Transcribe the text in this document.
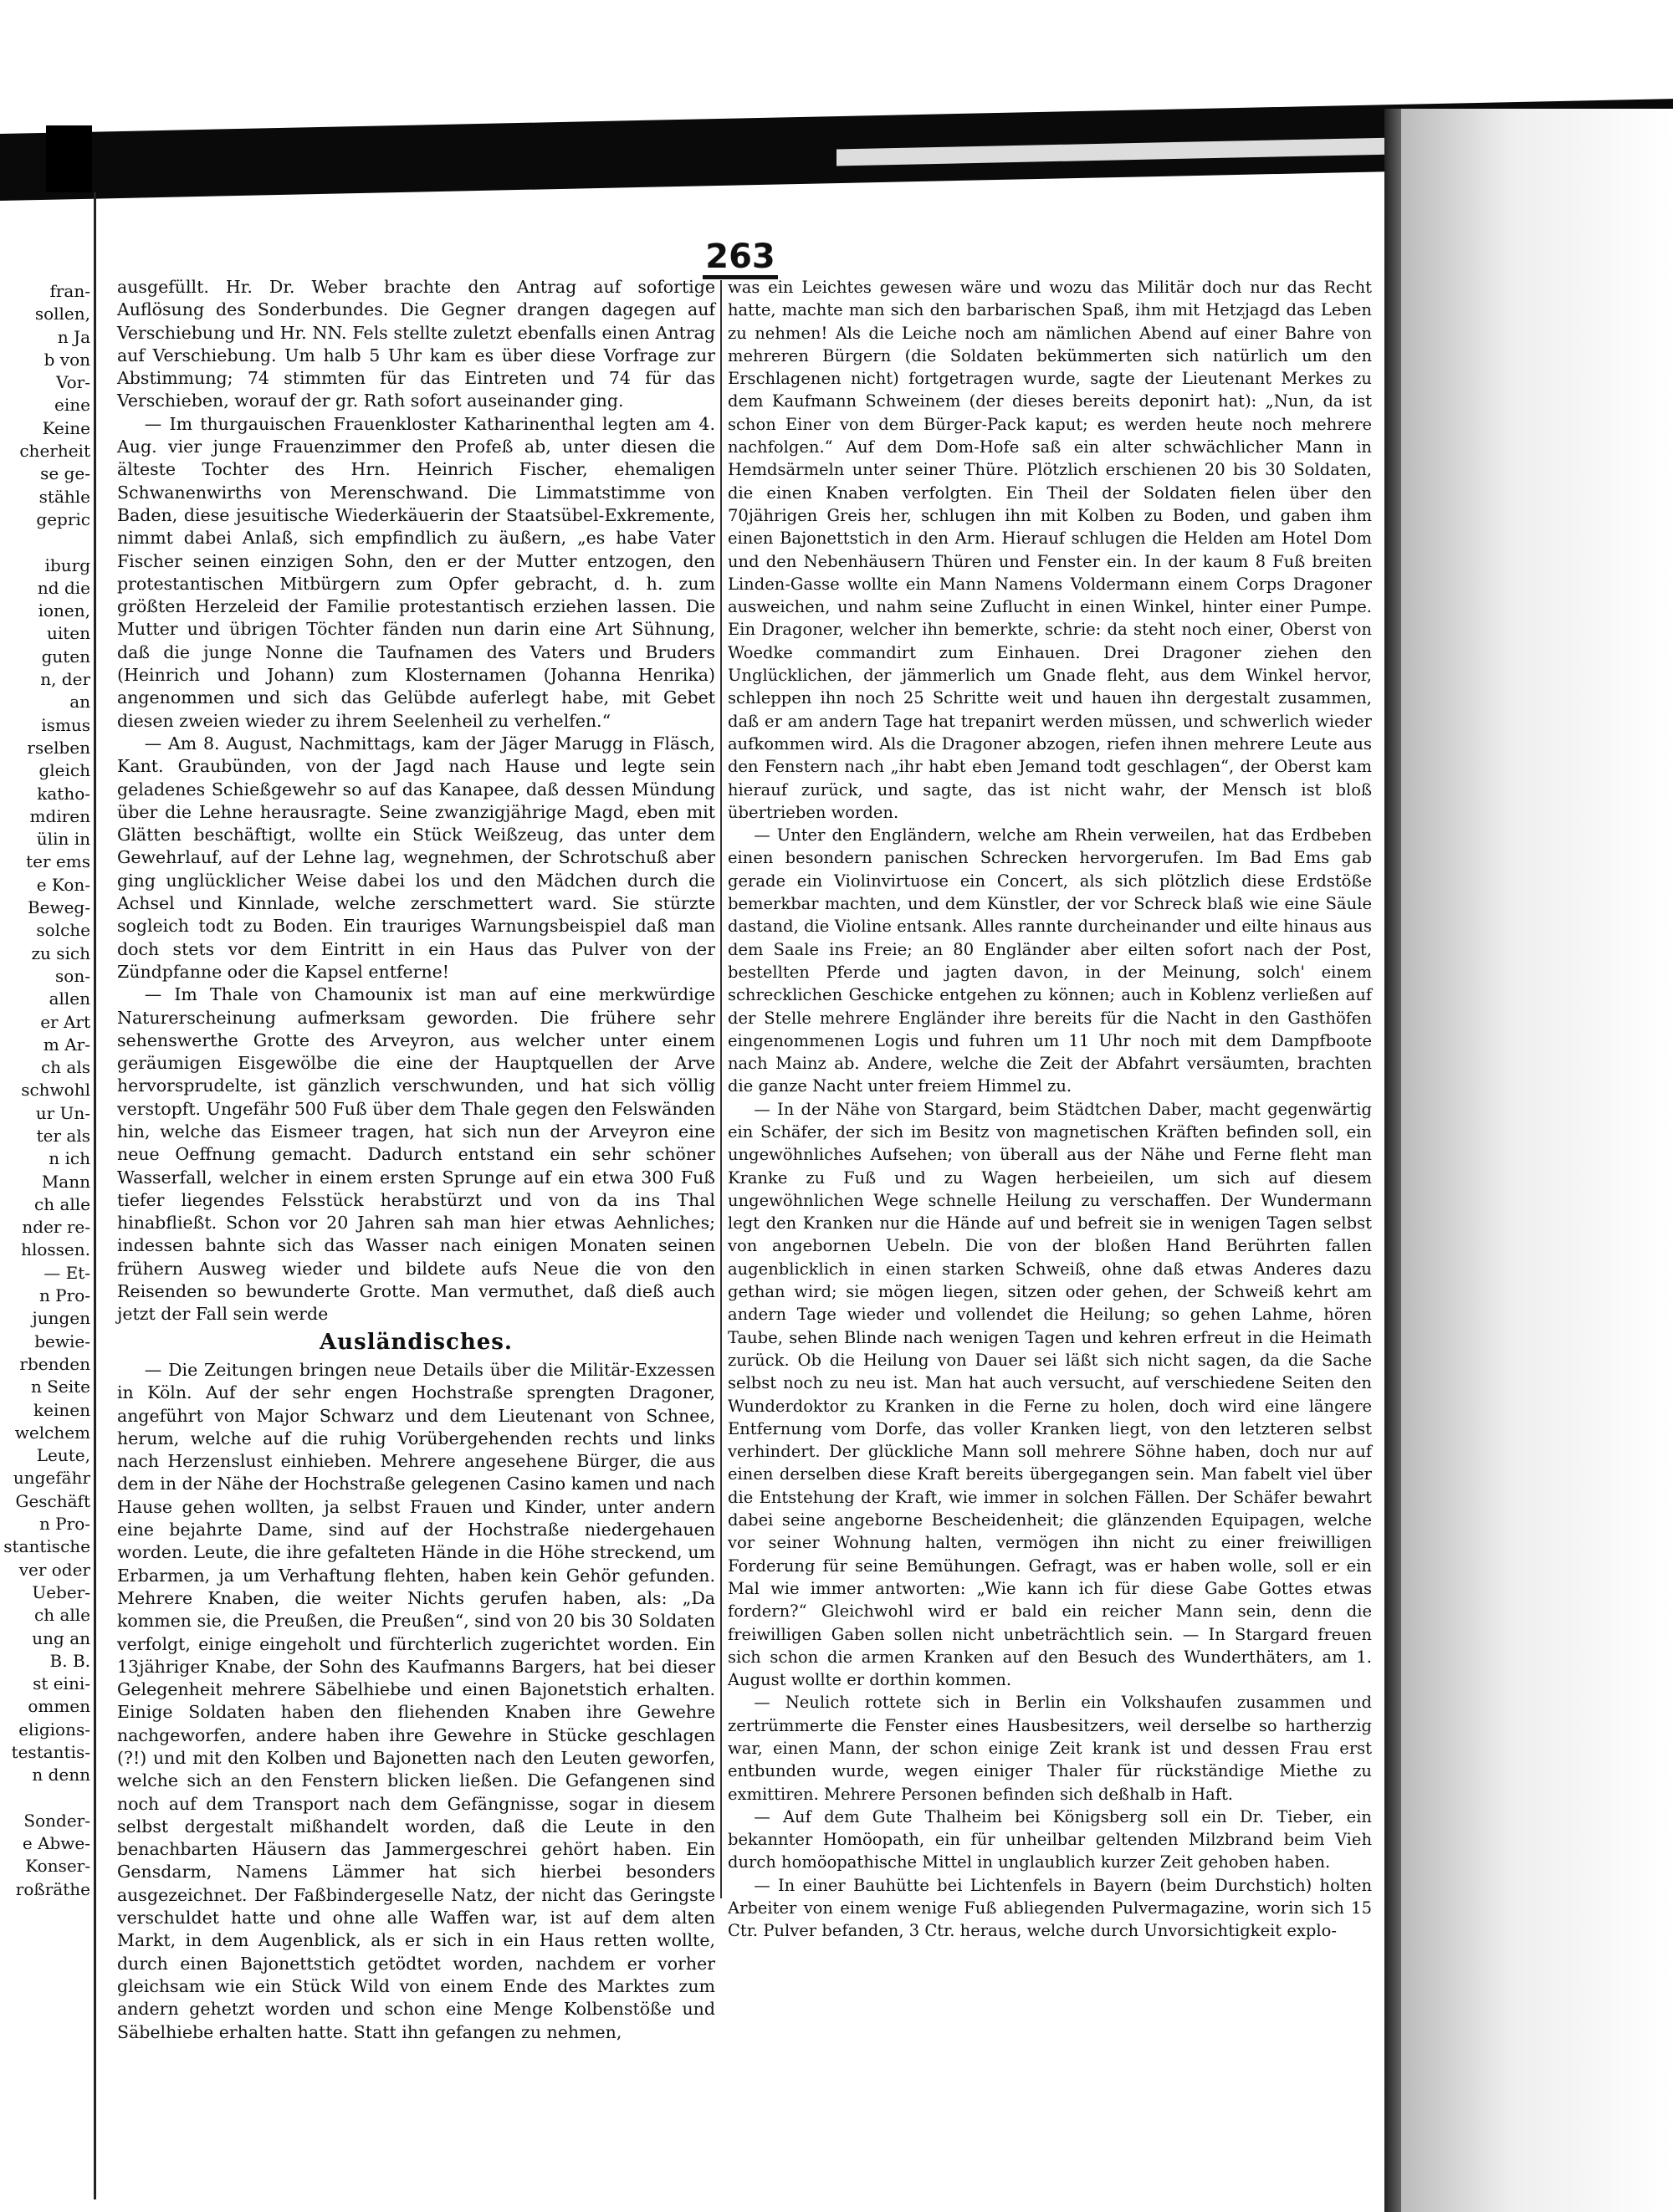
fran-
sollen,
n Ja
b von
Vor-
eine
Keine
cherheit
se ge-
stähle
gepric
iburg
nd die
ionen,
uiten
guten
n, der
an
ismus
rselben
gleich
katho-
mdiren
ülin in
ter ems
e Kon-
Beweg-
solche
zu sich
son-
allen
er Art
m Ar-
ch als
schwohl
ur Un-
ter als
n ich
Mann
ch alle
nder re-
hlossen.
— Et-
n Pro-
jungen
bewie-
rbenden
n Seite
keinen
welchem
Leute,
ungefähr
Geschäft
n Pro-
stantische
ver oder
Ueber-
ch alle
ung an
B. B.
st eini-
ommen
eligions-
testantis-
n denn
Sonder-
e Abwe-
Konser-
roßräthe
263

ausgefüllt. Hr. Dr. Weber brachte den Antrag auf sofortige Auflösung des Sonderbundes. Die Gegner drangen dagegen auf Verschiebung und Hr. NN. Fels stellte zuletzt ebenfalls einen Antrag auf Verschiebung. Um halb 5 Uhr kam es über diese Vorfrage zur Abstimmung; 74 stimmten für das Eintreten und 74 für das Verschieben, worauf der gr. Rath sofort auseinander ging.

— Im thurgauischen Frauenkloster Katharinenthal legten am 4. Aug. vier junge Frauenzimmer den Profeß ab, unter diesen die älteste Tochter des Hrn. Heinrich Fischer, ehemaligen Schwanenwirths von Merenschwand. Die Limmatstimme von Baden, diese jesuitische Wiederkäuerin der Staatsübel-Exkremente, nimmt dabei Anlaß, sich empfindlich zu äußern, „es habe Vater Fischer seinen einzigen Sohn, den er der Mutter entzogen, den protestantischen Mitbürgern zum Opfer gebracht, d. h. zum größten Herzeleid der Familie protestantisch erziehen lassen. Die Mutter und übrigen Töchter fänden nun darin eine Art Sühnung, daß die junge Nonne die Taufnamen des Vaters und Bruders (Heinrich und Johann) zum Klosternamen (Johanna Henrika) angenommen und sich das Gelübde auferlegt habe, mit Gebet diesen zweien wieder zu ihrem Seelenheil zu verhelfen.“

— Am 8. August, Nachmittags, kam der Jäger Marugg in Fläsch, Kant. Graubünden, von der Jagd nach Hause und legte sein geladenes Schießgewehr so auf das Kanapee, daß dessen Mündung über die Lehne herausragte. Seine zwanzigjährige Magd, eben mit Glätten beschäftigt, wollte ein Stück Weißzeug, das unter dem Gewehrlauf, auf der Lehne lag, wegnehmen, der Schrotschuß aber ging unglücklicher Weise dabei los und den Mädchen durch die Achsel und Kinnlade, welche zerschmettert ward. Sie stürzte sogleich todt zu Boden. Ein trauriges Warnungsbeispiel daß man doch stets vor dem Eintritt in ein Haus das Pulver von der Zündpfanne oder die Kapsel entferne!

— Im Thale von Chamounix ist man auf eine merkwürdige Naturerscheinung aufmerksam geworden. Die frühere sehr sehenswerthe Grotte des Arveyron, aus welcher unter einem geräumigen Eisgewölbe die eine der Hauptquellen der Arve hervorsprudelte, ist gänzlich verschwunden, und hat sich völlig verstopft. Ungefähr 500 Fuß über dem Thale gegen den Felswänden hin, welche das Eismeer tragen, hat sich nun der Arveyron eine neue Oeffnung gemacht. Dadurch entstand ein sehr schöner Wasserfall, welcher in einem ersten Sprunge auf ein etwa 300 Fuß tiefer liegendes Felsstück herabstürzt und von da ins Thal hinabfließt. Schon vor 20 Jahren sah man hier etwas Aehnliches; indessen bahnte sich das Wasser nach einigen Monaten seinen frühern Ausweg wieder und bildete aufs Neue die von den Reisenden so bewunderte Grotte. Man vermuthet, daß dieß auch jetzt der Fall sein werde

Ausländisches.

— Die Zeitungen bringen neue Details über die Militär-Exzessen in Köln. Auf der sehr engen Hochstraße sprengten Dragoner, angeführt von Major Schwarz und dem Lieutenant von Schnee, herum, welche auf die ruhig Vorübergehenden rechts und links nach Herzenslust einhieben. Mehrere angesehene Bürger, die aus dem in der Nähe der Hochstraße gelegenen Casino kamen und nach Hause gehen wollten, ja selbst Frauen und Kinder, unter andern eine bejahrte Dame, sind auf der Hochstraße niedergehauen worden. Leute, die ihre gefalteten Hände in die Höhe streckend, um Erbarmen, ja um Verhaftung flehten, haben kein Gehör gefunden. Mehrere Knaben, die weiter Nichts gerufen haben, als: „Da kommen sie, die Preußen, die Preußen“, sind von 20 bis 30 Soldaten verfolgt, einige eingeholt und fürchterlich zugerichtet worden. Ein 13jähriger Knabe, der Sohn des Kaufmanns Bargers, hat bei dieser Gelegenheit mehrere Säbelhiebe und einen Bajonetstich erhalten. Einige Soldaten haben den fliehenden Knaben ihre Gewehre nachgeworfen, andere haben ihre Gewehre in Stücke geschlagen (?!) und mit den Kolben und Bajonetten nach den Leuten geworfen, welche sich an den Fenstern blicken ließen. Die Gefangenen sind noch auf dem Transport nach dem Gefängnisse, sogar in diesem selbst dergestalt mißhandelt worden, daß die Leute in den benachbarten Häusern das Jammergeschrei gehört haben. Ein Gensdarm, Namens Lämmer hat sich hierbei besonders ausgezeichnet. Der Faßbindergeselle Natz, der nicht das Geringste verschuldet hatte und ohne alle Waffen war, ist auf dem alten Markt, in dem Augenblick, als er sich in ein Haus retten wollte, durch einen Bajonettstich getödtet worden, nachdem er vorher gleichsam wie ein Stück Wild von einem Ende des Marktes zum andern gehetzt worden und schon eine Menge Kolbenstöße und Säbelhiebe erhalten hatte. Statt ihn gefangen zu nehmen,

was ein Leichtes gewesen wäre und wozu das Militär doch nur das Recht hatte, machte man sich den barbarischen Spaß, ihm mit Hetzjagd das Leben zu nehmen! Als die Leiche noch am nämlichen Abend auf einer Bahre von mehreren Bürgern (die Soldaten bekümmerten sich natürlich um den Erschlagenen nicht) fortgetragen wurde, sagte der Lieutenant Merkes zu dem Kaufmann Schweinem (der dieses bereits deponirt hat): „Nun, da ist schon Einer von dem Bürger-Pack kaput; es werden heute noch mehrere nachfolgen.“ Auf dem Dom-Hofe saß ein alter schwächlicher Mann in Hemdsärmeln unter seiner Thüre. Plötzlich erschienen 20 bis 30 Soldaten, die einen Knaben verfolgten. Ein Theil der Soldaten fielen über den 70jährigen Greis her, schlugen ihn mit Kolben zu Boden, und gaben ihm einen Bajonettstich in den Arm. Hierauf schlugen die Helden am Hotel Dom und den Nebenhäusern Thüren und Fenster ein. In der kaum 8 Fuß breiten Linden-Gasse wollte ein Mann Namens Voldermann einem Corps Dragoner ausweichen, und nahm seine Zuflucht in einen Winkel, hinter einer Pumpe. Ein Dragoner, welcher ihn bemerkte, schrie: da steht noch einer, Oberst von Woedke commandirt zum Einhauen. Drei Dragoner ziehen den Unglücklichen, der jämmerlich um Gnade fleht, aus dem Winkel hervor, schleppen ihn noch 25 Schritte weit und hauen ihn dergestalt zusammen, daß er am andern Tage hat trepanirt werden müssen, und schwerlich wieder aufkommen wird. Als die Dragoner abzogen, riefen ihnen mehrere Leute aus den Fenstern nach „ihr habt eben Jemand todt geschlagen“, der Oberst kam hierauf zurück, und sagte, das ist nicht wahr, der Mensch ist bloß übertrieben worden.

— Unter den Engländern, welche am Rhein verweilen, hat das Erdbeben einen besondern panischen Schrecken hervorgerufen. Im Bad Ems gab gerade ein Violinvirtuose ein Concert, als sich plötzlich diese Erdstöße bemerkbar machten, und dem Künstler, der vor Schreck blaß wie eine Säule dastand, die Violine entsank. Alles rannte durcheinander und eilte hinaus aus dem Saale ins Freie; an 80 Engländer aber eilten sofort nach der Post, bestellten Pferde und jagten davon, in der Meinung, solch' einem schrecklichen Geschicke entgehen zu können; auch in Koblenz verließen auf der Stelle mehrere Engländer ihre bereits für die Nacht in den Gasthöfen eingenommenen Logis und fuhren um 11 Uhr noch mit dem Dampfboote nach Mainz ab. Andere, welche die Zeit der Abfahrt versäumten, brachten die ganze Nacht unter freiem Himmel zu.

— In der Nähe von Stargard, beim Städtchen Daber, macht gegenwärtig ein Schäfer, der sich im Besitz von magnetischen Kräften befinden soll, ein ungewöhnliches Aufsehen; von überall aus der Nähe und Ferne fleht man Kranke zu Fuß und zu Wagen herbeieilen, um sich auf diesem ungewöhnlichen Wege schnelle Heilung zu verschaffen. Der Wundermann legt den Kranken nur die Hände auf und befreit sie in wenigen Tagen selbst von angebornen Uebeln. Die von der bloßen Hand Berührten fallen augenblicklich in einen starken Schweiß, ohne daß etwas Anderes dazu gethan wird; sie mögen liegen, sitzen oder gehen, der Schweiß kehrt am andern Tage wieder und vollendet die Heilung; so gehen Lahme, hören Taube, sehen Blinde nach wenigen Tagen und kehren erfreut in die Heimath zurück. Ob die Heilung von Dauer sei läßt sich nicht sagen, da die Sache selbst noch zu neu ist. Man hat auch versucht, auf verschiedene Seiten den Wunderdoktor zu Kranken in die Ferne zu holen, doch wird eine längere Entfernung vom Dorfe, das voller Kranken liegt, von den letzteren selbst verhindert. Der glückliche Mann soll mehrere Söhne haben, doch nur auf einen derselben diese Kraft bereits übergegangen sein. Man fabelt viel über die Entstehung der Kraft, wie immer in solchen Fällen. Der Schäfer bewahrt dabei seine angeborne Bescheidenheit; die glänzenden Equipagen, welche vor seiner Wohnung halten, vermögen ihn nicht zu einer freiwilligen Forderung für seine Bemühungen. Gefragt, was er haben wolle, soll er ein Mal wie immer antworten: „Wie kann ich für diese Gabe Gottes etwas fordern?“ Gleichwohl wird er bald ein reicher Mann sein, denn die freiwilligen Gaben sollen nicht unbeträchtlich sein. — In Stargard freuen sich schon die armen Kranken auf den Besuch des Wunderthäters, am 1. August wollte er dorthin kommen.

— Neulich rottete sich in Berlin ein Volkshaufen zusammen und zertrümmerte die Fenster eines Hausbesitzers, weil derselbe so hartherzig war, einen Mann, der schon einige Zeit krank ist und dessen Frau erst entbunden wurde, wegen einiger Thaler für rückständige Miethe zu exmittiren. Mehrere Personen befinden sich deßhalb in Haft.

— Auf dem Gute Thalheim bei Königsberg soll ein Dr. Tieber, ein bekannter Homöopath, ein für unheilbar geltenden Milzbrand beim Vieh durch homöopathische Mittel in unglaublich kurzer Zeit gehoben haben.

— In einer Bauhütte bei Lichtenfels in Bayern (beim Durchstich) holten Arbeiter von einem wenige Fuß abliegenden Pulvermagazine, worin sich 15 Ctr. Pulver befanden, 3 Ctr. heraus, welche durch Unvorsichtigkeit explo-
